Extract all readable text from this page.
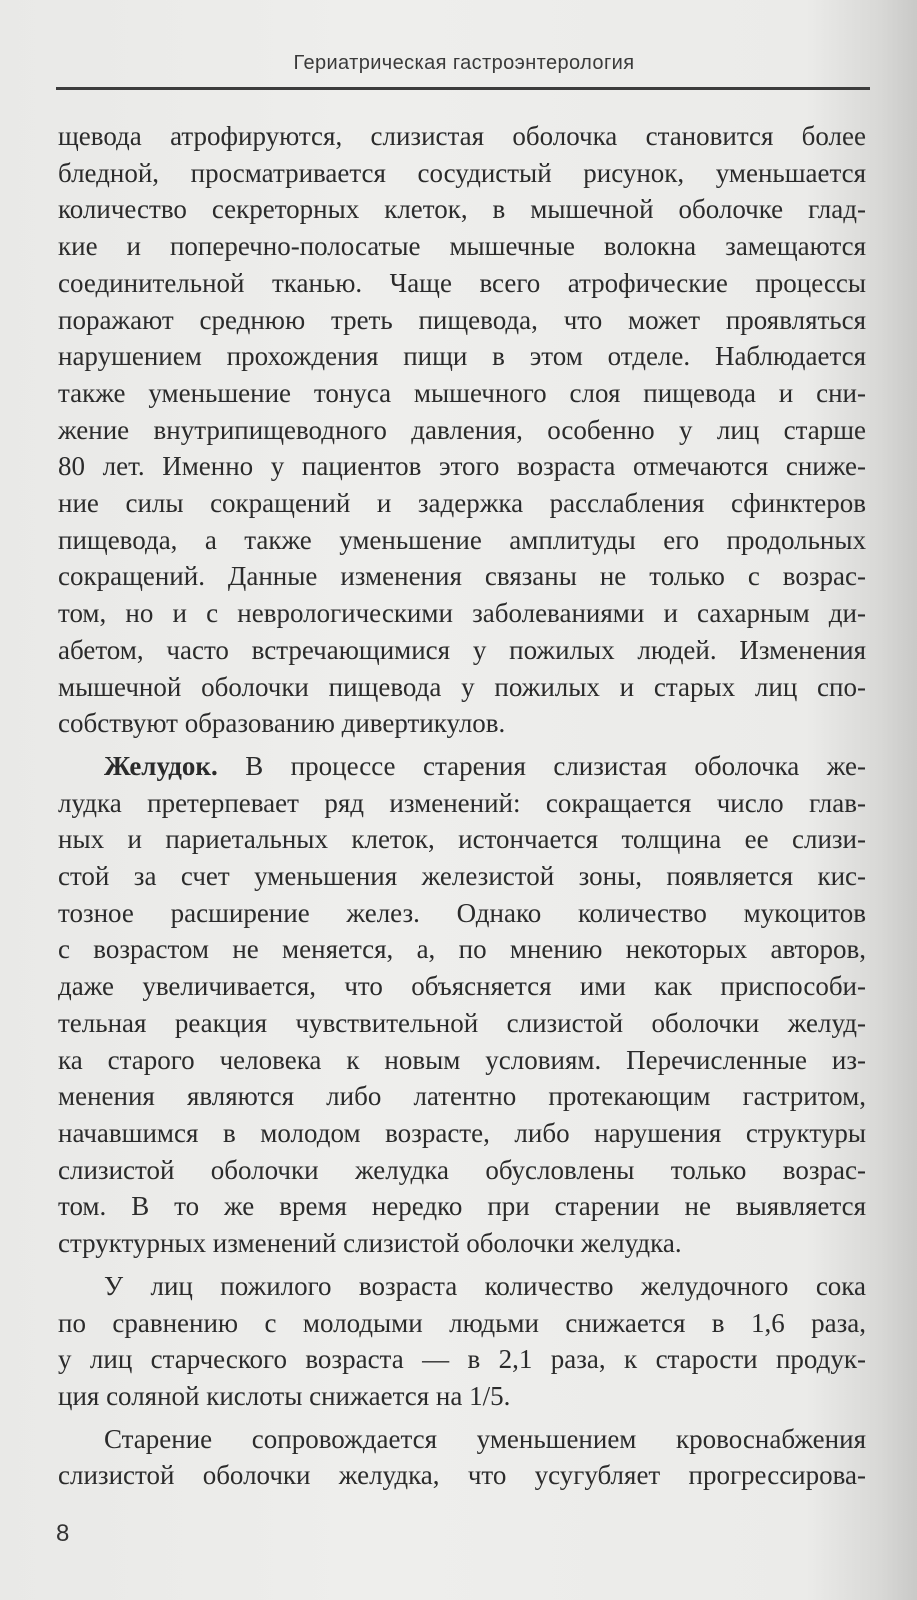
Гериатрическая гастроэнтерология

щевода атрофируются, слизистая оболочка становится более
бледной, просматривается сосудистый рисунок, уменьшается
количество секреторных клеток, в мышечной оболочке глад-
кие и поперечно-полосатые мышечные волокна замещаются
соединительной тканью. Чаще всего атрофические процессы
поражают среднюю треть пищевода, что может проявляться
нарушением прохождения пищи в этом отделе. Наблюдается
также уменьшение тонуса мышечного слоя пищевода и сни-
жение внутрипищеводного давления, особенно у лиц старше
80 лет. Именно у пациентов этого возраста отмечаются сниже-
ние силы сокращений и задержка расслабления сфинктеров
пищевода, а также уменьшение амплитуды его продольных
сокращений. Данные изменения связаны не только с возрас-
том, но и с неврологическими заболеваниями и сахарным ди-
абетом, часто встречающимися у пожилых людей. Изменения
мышечной оболочки пищевода у пожилых и старых лиц спо-
собствуют образованию дивертикулов.

Желудок. В процессе старения слизистая оболочка же-
лудка претерпевает ряд изменений: сокращается число глав-
ных и париетальных клеток, истончается толщина ее слизи-
стой за счет уменьшения железистой зоны, появляется кис-
тозное расширение желез. Однако количество мукоцитов
с возрастом не меняется, а, по мнению некоторых авторов,
даже увеличивается, что объясняется ими как приспособи-
тельная реакция чувствительной слизистой оболочки желуд-
ка старого человека к новым условиям. Перечисленные из-
менения являются либо латентно протекающим гастритом,
начавшимся в молодом возрасте, либо нарушения структуры
слизистой оболочки желудка обусловлены только возрас-
том. В то же время нередко при старении не выявляется
структурных изменений слизистой оболочки желудка.

У лиц пожилого возраста количество желудочного сока
по сравнению с молодыми людьми снижается в 1,6 раза,
у лиц старческого возраста — в 2,1 раза, к старости продук-
ция соляной кислоты снижается на 1/5.

Старение сопровождается уменьшением кровоснабжения
слизистой оболочки желудка, что усугубляет прогрессирова-

8
